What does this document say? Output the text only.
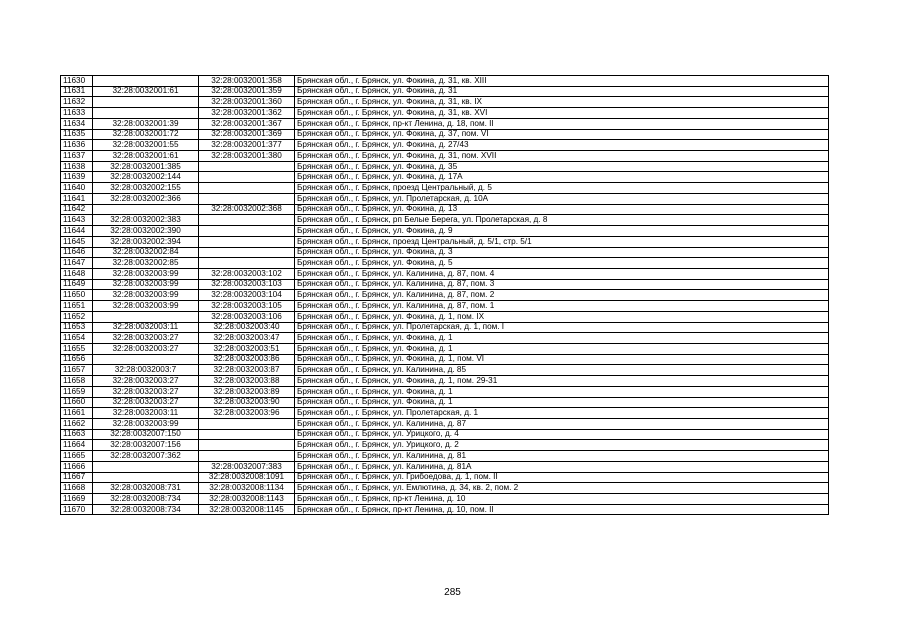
11630		32:28:0032001:358	Брянская обл., г. Брянск, ул. Фокина, д. 31, кв. XIII
11631	32:28:0032001:61	32:28:0032001:359	Брянская обл., г. Брянск, ул. Фокина, д. 31
11632		32:28:0032001:360	Брянская обл., г. Брянск, ул. Фокина, д. 31, кв. IX
11633		32:28:0032001:362	Брянская обл., г. Брянск, ул. Фокина, д. 31, кв. XVI
11634	32:28:0032001:39	32:28:0032001:367	Брянская обл., г. Брянск, пр-кт Ленина, д. 18, пом. II
11635	32:28:0032001:72	32:28:0032001:369	Брянская обл., г. Брянск, ул. Фокина, д. 37, пом. VI
11636	32:28:0032001:55	32:28:0032001:377	Брянская обл., г. Брянск, ул. Фокина, д. 27/43
11637	32:28:0032001:61	32:28:0032001:380	Брянская обл., г. Брянск, ул. Фокина, д. 31, пом. XVII
11638	32:28:0032001:385		Брянская обл., г. Брянск, ул. Фокина, д. 35
11639	32:28:0032002:144		Брянская обл., г. Брянск, ул. Фокина, д. 17А
11640	32:28:0032002:155		Брянская обл., г. Брянск, проезд Центральный, д. 5
11641	32:28:0032002:366		Брянская обл., г. Брянск, ул. Пролетарская, д. 10А
11642		32:28:0032002:368	Брянская обл., г. Брянск, ул. Фокина, д. 13
11643	32:28:0032002:383		Брянская обл., г. Брянск, рп Белые Берега, ул. Пролетарская, д. 8
11644	32:28:0032002:390		Брянская обл., г. Брянск, ул. Фокина, д. 9
11645	32:28:0032002:394		Брянская обл., г. Брянск, проезд Центральный, д. 5/1, стр. 5/1
11646	32:28:0032002:84		Брянская обл., г. Брянск, ул. Фокина, д. 3
11647	32:28:0032002:85		Брянская обл., г. Брянск, ул. Фокина, д. 5
11648	32:28:0032003:99	32:28:0032003:102	Брянская обл., г. Брянск, ул. Калинина, д. 87, пом. 4
11649	32:28:0032003:99	32:28:0032003:103	Брянская обл., г. Брянск, ул. Калинина, д. 87, пом. 3
11650	32:28:0032003:99	32:28:0032003:104	Брянская обл., г. Брянск, ул. Калинина, д. 87, пом. 2
11651	32:28:0032003:99	32:28:0032003:105	Брянская обл., г. Брянск, ул. Калинина, д. 87, пом. 1
11652		32:28:0032003:106	Брянская обл., г. Брянск, ул. Фокина, д. 1, пом. IX
11653	32:28:0032003:11	32:28:0032003:40	Брянская обл., г. Брянск, ул. Пролетарская, д. 1, пом. I
11654	32:28:0032003:27	32:28:0032003:47	Брянская обл., г. Брянск, ул. Фокина, д. 1
11655	32:28:0032003:27	32:28:0032003:51	Брянская обл., г. Брянск, ул. Фокина, д. 1
11656		32:28:0032003:86	Брянская обл., г. Брянск, ул. Фокина, д. 1, пом. VI
11657	32:28:0032003:7	32:28:0032003:87	Брянская обл., г. Брянск, ул. Калинина, д. 85
11658	32:28:0032003:27	32:28:0032003:88	Брянская обл., г. Брянск, ул. Фокина, д. 1, пом. 29-31
11659	32:28:0032003:27	32:28:0032003:89	Брянская обл., г. Брянск, ул. Фокина, д. 1
11660	32:28:0032003:27	32:28:0032003:90	Брянская обл., г. Брянск, ул. Фокина, д. 1
11661	32:28:0032003:11	32:28:0032003:96	Брянская обл., г. Брянск, ул. Пролетарская, д. 1
11662	32:28:0032003:99		Брянская обл., г. Брянск, ул. Калинина, д. 87
11663	32:28:0032007:150		Брянская обл., г. Брянск, ул. Урицкого, д. 4
11664	32:28:0032007:156		Брянская обл., г. Брянск, ул. Урицкого, д. 2
11665	32:28:0032007:362		Брянская обл., г. Брянск, ул. Калинина, д. 81
11666		32:28:0032007:383	Брянская обл., г. Брянск, ул. Калинина, д. 81А
11667		32:28:0032008:1091	Брянская обл., г. Брянск, ул. Грибоедова, д. 1, пом. II
11668	32:28:0032008:731	32:28:0032008:1134	Брянская обл., г. Брянск, ул. Емлютина, д. 34, кв. 2, пом. 2
11669	32:28:0032008:734	32:28:0032008:1143	Брянская обл., г. Брянск, пр-кт Ленина, д. 10
11670	32:28:0032008:734	32:28:0032008:1145	Брянская обл., г. Брянск, пр-кт Ленина, д. 10, пом. II
285
